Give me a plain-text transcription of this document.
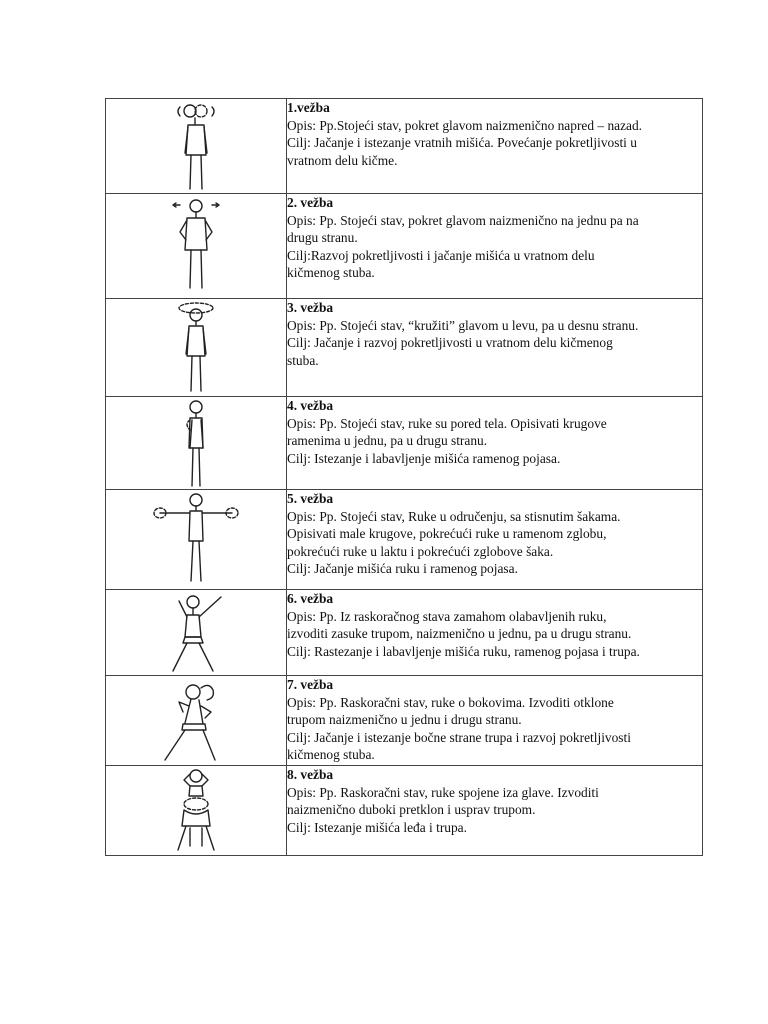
1.vežba
Opis: Pp.Stojeći stav, pokret glavom naizmenično napred – nazad.
Cilj: Jačanje i istezanje vratnih mišića. Povećanje pokretljivosti u
vratnom delu kičme.

2. vežba
Opis: Pp. Stojeći stav, pokret glavom naizmenično na jednu pa na
drugu stranu.
Cilj:Razvoj pokretljivosti i jačanje mišića u vratnom delu
kičmenog stuba.

3. vežba
Opis: Pp. Stojeći stav, “kružiti” glavom u levu, pa u desnu stranu.
Cilj: Jačanje i razvoj pokretljivosti u vratnom delu kičmenog
stuba.

4. vežba
Opis: Pp. Stojeći stav, ruke su pored tela. Opisivati krugove
ramenima u jednu, pa u drugu stranu.
Cilj: Istezanje i labavljenje mišića ramenog pojasa.

5. vežba
Opis: Pp. Stojeći stav, Ruke u odručenju, sa stisnutim šakama.
Opisivati male krugove, pokrećući ruke u ramenom zglobu,
pokrećući ruke u laktu i pokrećući zglobove šaka.
Cilj: Jačanje mišića ruku i ramenog pojasa.

6. vežba
Opis: Pp. Iz raskoračnog stava zamahom olabavljenih ruku,
izvoditi zasuke trupom, naizmenično u jednu, pa u drugu stranu.
Cilj: Rastezanje i labavljenje mišića ruku, ramenog pojasa i trupa.

7. vežba
Opis: Pp. Raskoračni stav, ruke o bokovima. Izvoditi otklone
trupom naizmenično u jednu i drugu stranu.
Cilj: Jačanje i istezanje bočne strane trupa i razvoj pokretljivosti
kičmenog stuba.

8. vežba
Opis: Pp. Raskoračni stav, ruke spojene iza glave. Izvoditi
naizmenično duboki pretklon i usprav trupom.
Cilj: Istezanje mišića leđa i trupa.
